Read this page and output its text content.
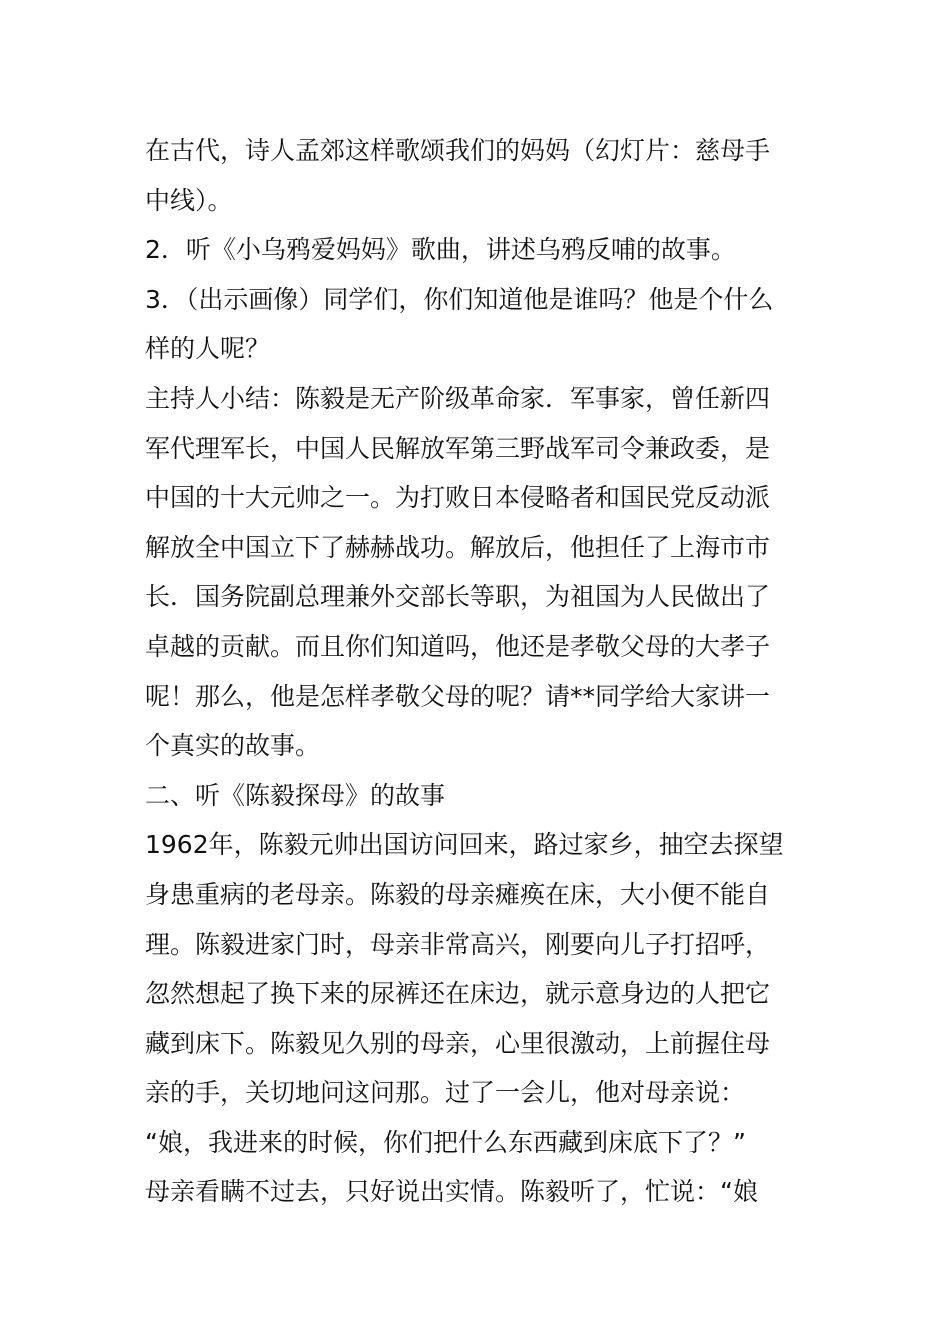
在古代，诗人孟郊这样歌颂我们的妈妈（幻灯片：慈母手
中线）。
2．听《小乌鸦爱妈妈》歌曲，讲述乌鸦反哺的故事。
3．（出示画像）同学们，你们知道他是谁吗？他是个什么
样的人呢？
主持人小结：陈毅是无产阶级革命家．军事家，曾任新四
军代理军长，中国人民解放军第三野战军司令兼政委，是
中国的十大元帅之一。为打败日本侵略者和国民党反动派
解放全中国立下了赫赫战功。解放后，他担任了上海市市
长．国务院副总理兼外交部长等职，为祖国为人民做出了
卓越的贡献。而且你们知道吗，他还是孝敬父母的大孝子
呢！那么，他是怎样孝敬父母的呢？请**同学给大家讲一
个真实的故事。
二、听《陈毅探母》的故事
1962年，陈毅元帅出国访问回来，路过家乡，抽空去探望
身患重病的老母亲。陈毅的母亲瘫痪在床，大小便不能自
理。陈毅进家门时，母亲非常高兴，刚要向儿子打招呼，
忽然想起了换下来的尿裤还在床边，就示意身边的人把它
藏到床下。陈毅见久别的母亲，心里很激动，上前握住母
亲的手，关切地问这问那。过了一会儿，他对母亲说：
“娘，我进来的时候，你们把什么东西藏到床底下了？”
母亲看瞒不过去，只好说出实情。陈毅听了，忙说：“娘
